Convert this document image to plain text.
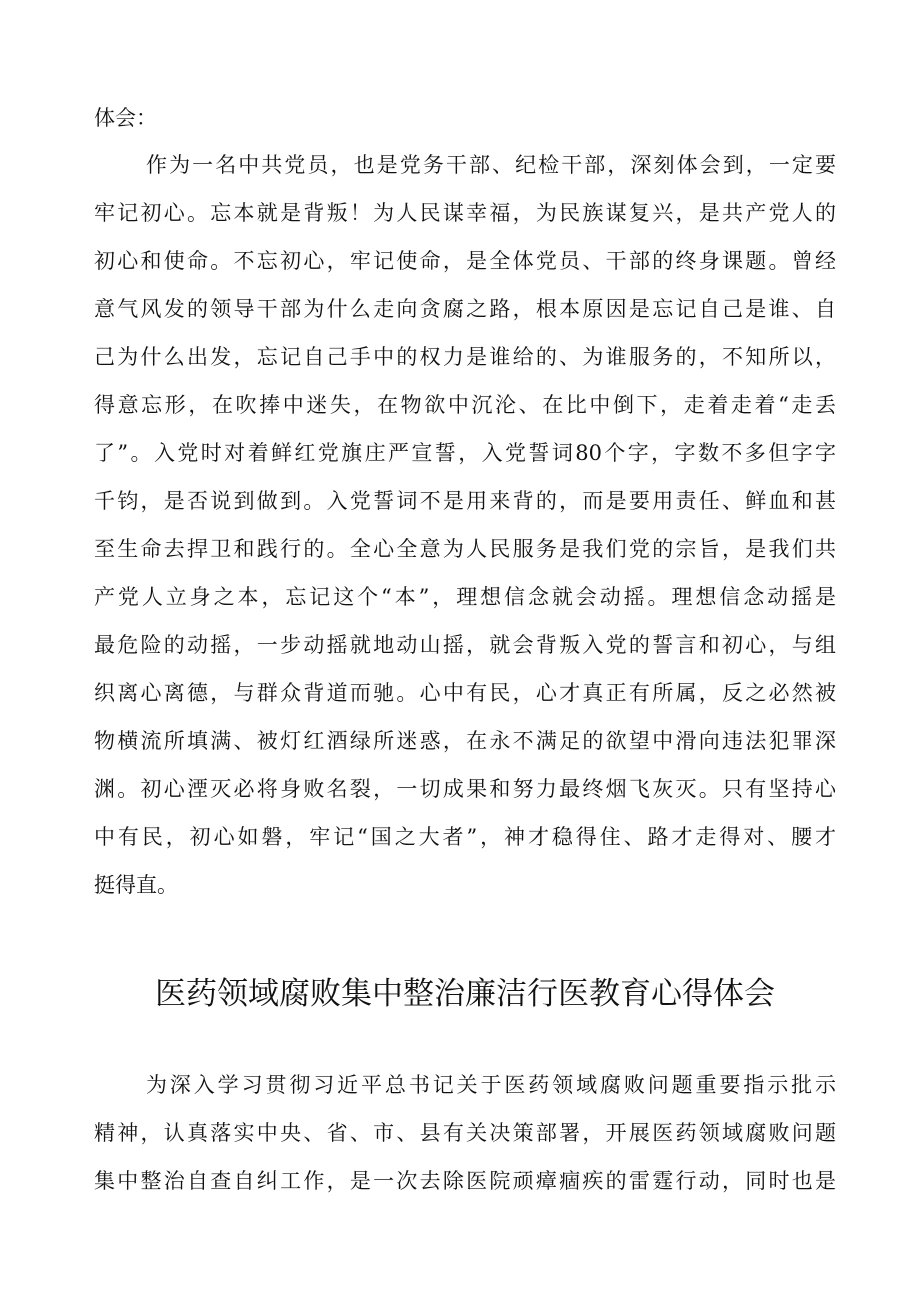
体会：
作为一名中共党员，也是党务干部、纪检干部，深刻体会到，一定要
牢记初心。忘本就是背叛！为人民谋幸福，为民族谋复兴，是共产党人的
初心和使命。不忘初心，牢记使命，是全体党员、干部的终身课题。曾经
意气风发的领导干部为什么走向贪腐之路，根本原因是忘记自己是谁、自
己为什么出发，忘记自己手中的权力是谁给的、为谁服务的，不知所以，
得意忘形，在吹捧中迷失，在物欲中沉沦、在比中倒下，走着走着“走丢
了”。入党时对着鲜红党旗庄严宣誓，入党誓词80个字，字数不多但字字
千钧，是否说到做到。入党誓词不是用来背的，而是要用责任、鲜血和甚
至生命去捍卫和践行的。全心全意为人民服务是我们党的宗旨，是我们共
产党人立身之本，忘记这个“本”，理想信念就会动摇。理想信念动摇是
最危险的动摇，一步动摇就地动山摇，就会背叛入党的誓言和初心，与组
织离心离德，与群众背道而驰。心中有民，心才真正有所属，反之必然被
物横流所填满、被灯红酒绿所迷惑，在永不满足的欲望中滑向违法犯罪深
渊。初心湮灭必将身败名裂，一切成果和努力最终烟飞灰灭。只有坚持心
中有民，初心如磐，牢记“国之大者”，神才稳得住、路才走得对、腰才
挺得直。
医药领域腐败集中整治廉洁行医教育心得体会
为深入学习贯彻习近平总书记关于医药领域腐败问题重要指示批示
精神，认真落实中央、省、市、县有关决策部署，开展医药领域腐败问题
集中整治自查自纠工作，是一次去除医院顽瘴痼疾的雷霆行动，同时也是
